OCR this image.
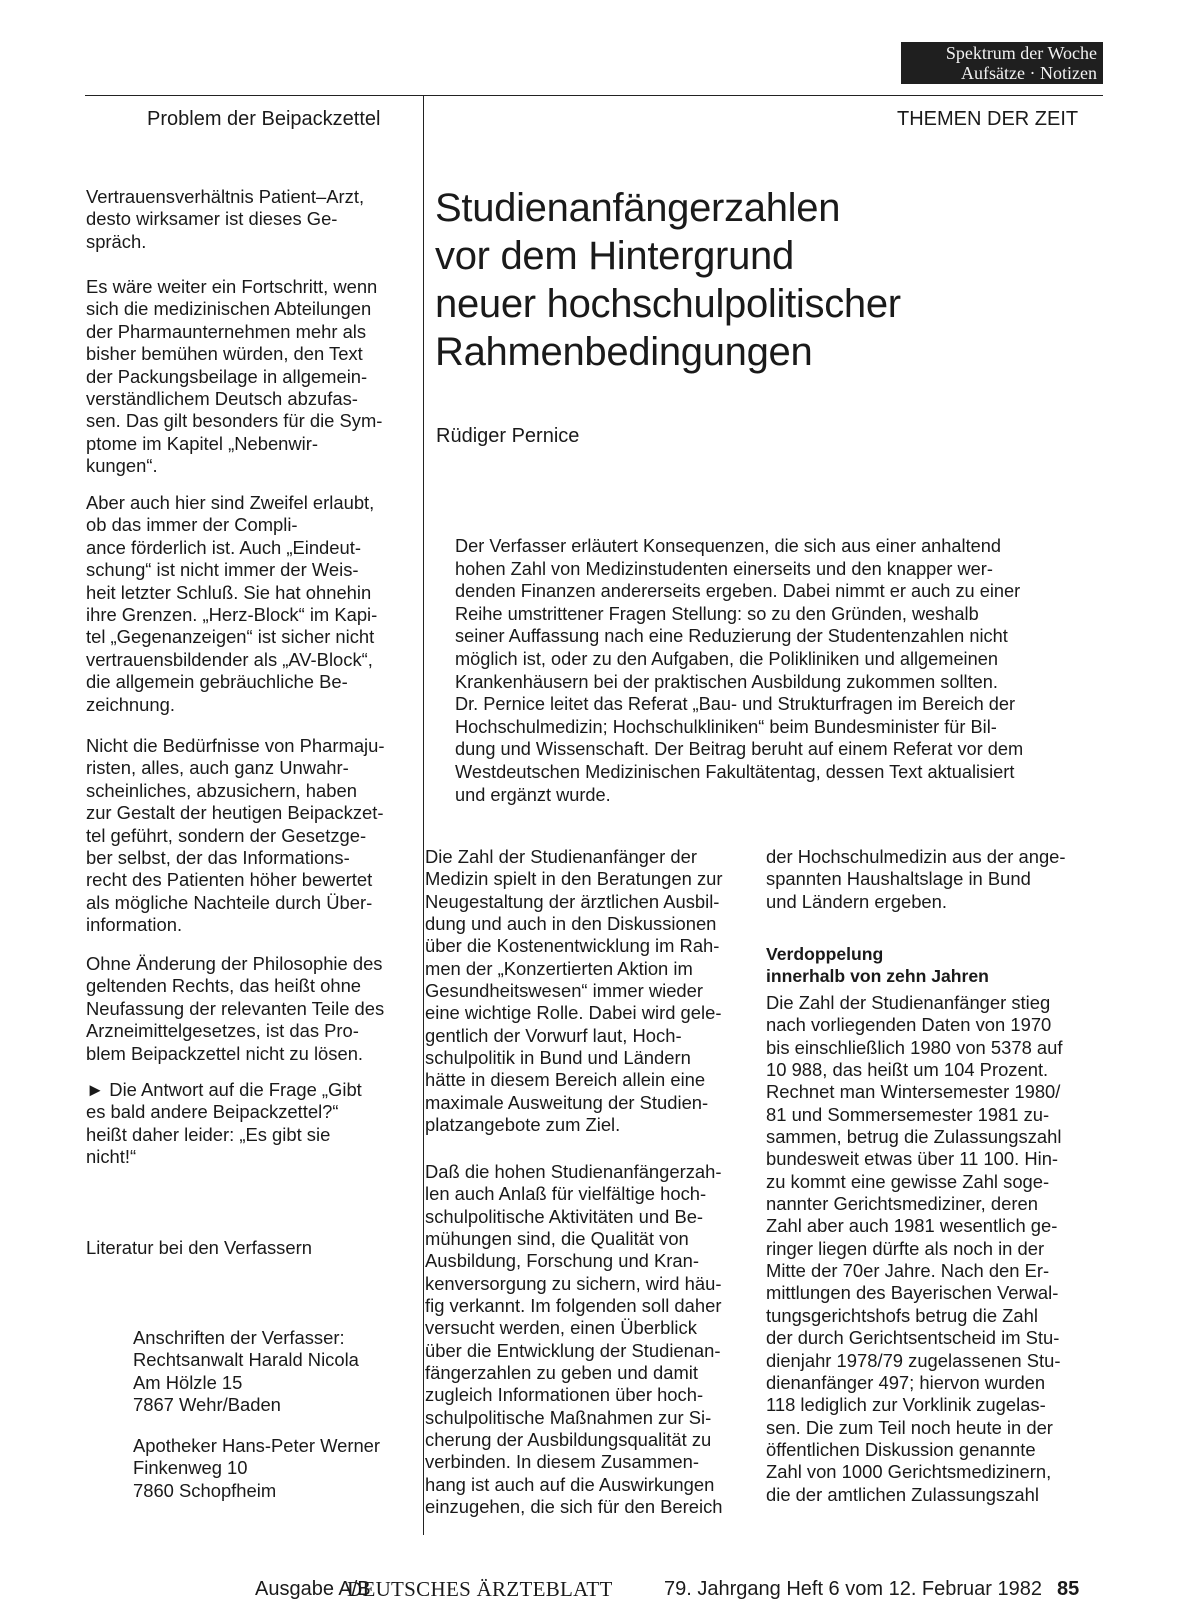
Spektrum der Woche
Aufsätze · Notizen
Problem der Beipackzettel	THEMEN DER ZEIT
Vertrauensverhältnis Patient–Arzt,
desto wirksamer ist dieses Ge-
spräch.
Es wäre weiter ein Fortschritt, wenn
sich die medizinischen Abteilungen
der Pharmaunternehmen mehr als
bisher bemühen würden, den Text
der Packungsbeilage in allgemein-
verständlichem Deutsch abzufas-
sen. Das gilt besonders für die Sym-
ptome im Kapitel „Nebenwir-
kungen“.
Aber auch hier sind Zweifel erlaubt,
ob das immer der Compli-
ance förderlich ist. Auch „Eindeut-
schung“ ist nicht immer der Weis-
heit letzter Schluß. Sie hat ohnehin
ihre Grenzen. „Herz-Block“ im Kapi-
tel „Gegenanzeigen“ ist sicher nicht
vertrauensbildender als „AV-Block“,
die allgemein gebräuchliche Be-
zeichnung.
Nicht die Bedürfnisse von Pharmaju-
risten, alles, auch ganz Unwahr-
scheinliches, abzusichern, haben
zur Gestalt der heutigen Beipackzet-
tel geführt, sondern der Gesetzge-
ber selbst, der das Informations-
recht des Patienten höher bewertet
als mögliche Nachteile durch Über-
information.
Ohne Änderung der Philosophie des
geltenden Rechts, das heißt ohne
Neufassung der relevanten Teile des
Arzneimittelgesetzes, ist das Pro-
blem Beipackzettel nicht zu lösen.
► Die Antwort auf die Frage „Gibt
es bald andere Beipackzettel?“
heißt daher leider: „Es gibt sie
nicht!“
Literatur bei den Verfassern
Anschriften der Verfasser:
Rechtsanwalt Harald Nicola
Am Hölzle 15
7867 Wehr/Baden
Apotheker Hans-Peter Werner
Finkenweg 10
7860 Schopfheim
Studienanfängerzahlen
vor dem Hintergrund
neuer hochschulpolitischer
Rahmenbedingungen
Rüdiger Pernice
Der Verfasser erläutert Konsequenzen, die sich aus einer anhaltend
hohen Zahl von Medizinstudenten einerseits und den knapper wer-
denden Finanzen andererseits ergeben. Dabei nimmt er auch zu einer
Reihe umstrittener Fragen Stellung: so zu den Gründen, weshalb
seiner Auffassung nach eine Reduzierung der Studentenzahlen nicht
möglich ist, oder zu den Aufgaben, die Polikliniken und allgemeinen
Krankenhäusern bei der praktischen Ausbildung zukommen sollten.
Dr. Pernice leitet das Referat „Bau- und Strukturfragen im Bereich der
Hochschulmedizin; Hochschulkliniken“ beim Bundesminister für Bil-
dung und Wissenschaft. Der Beitrag beruht auf einem Referat vor dem
Westdeutschen Medizinischen Fakultätentag, dessen Text aktualisiert
und ergänzt wurde.
Die Zahl der Studienanfänger der
Medizin spielt in den Beratungen zur
Neugestaltung der ärztlichen Ausbil-
dung und auch in den Diskussionen
über die Kostenentwicklung im Rah-
men der „Konzertierten Aktion im
Gesundheitswesen“ immer wieder
eine wichtige Rolle. Dabei wird gele-
gentlich der Vorwurf laut, Hoch-
schulpolitik in Bund und Ländern
hätte in diesem Bereich allein eine
maximale Ausweitung der Studien-
platzangebote zum Ziel.
Daß die hohen Studienanfängerzah-
len auch Anlaß für vielfältige hoch-
schulpolitische Aktivitäten und Be-
mühungen sind, die Qualität von
Ausbildung, Forschung und Kran-
kenversorgung zu sichern, wird häu-
fig verkannt. Im folgenden soll daher
versucht werden, einen Überblick
über die Entwicklung der Studienan-
fängerzahlen zu geben und damit
zugleich Informationen über hoch-
schulpolitische Maßnahmen zur Si-
cherung der Ausbildungsqualität zu
verbinden. In diesem Zusammen-
hang ist auch auf die Auswirkungen
einzugehen, die sich für den Bereich
der Hochschulmedizin aus der ange-
spannten Haushaltslage in Bund
und Ländern ergeben.
Verdoppelung
innerhalb von zehn Jahren
Die Zahl der Studienanfänger stieg
nach vorliegenden Daten von 1970
bis einschließlich 1980 von 5378 auf
10 988, das heißt um 104 Prozent.
Rechnet man Wintersemester 1980/
81 und Sommersemester 1981 zu-
sammen, betrug die Zulassungszahl
bundesweit etwas über 11 100. Hin-
zu kommt eine gewisse Zahl soge-
nannter Gerichtsmediziner, deren
Zahl aber auch 1981 wesentlich ge-
ringer liegen dürfte als noch in der
Mitte der 70er Jahre. Nach den Er-
mittlungen des Bayerischen Verwal-
tungsgerichtshofs betrug die Zahl
der durch Gerichtsentscheid im Stu-
dienjahr 1978/79 zugelassenen Stu-
dienanfänger 497; hiervon wurden
118 lediglich zur Vorklinik zugelas-
sen. Die zum Teil noch heute in der
öffentlichen Diskussion genannte
Zahl von 1000 Gerichtsmedizinern,
die der amtlichen Zulassungszahl
Ausgabe A/B
DEUTSCHES ÄRZTEBLATT	79. Jahrgang Heft 6 vom 12. Februar 1982 85
